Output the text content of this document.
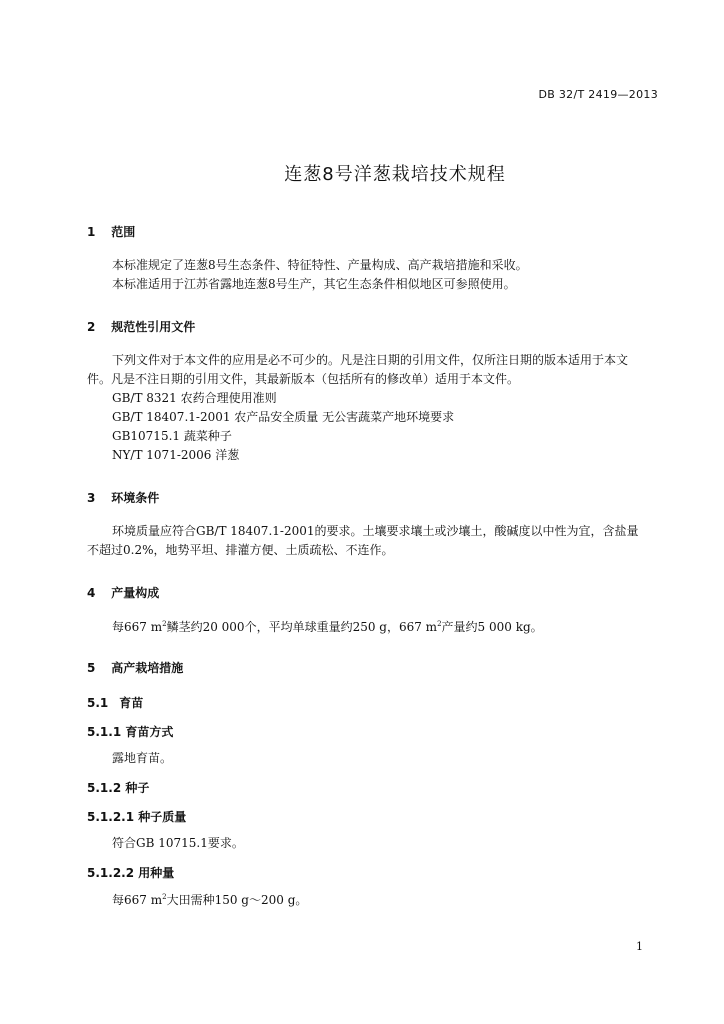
DB 32/T 2419—2013
连葱8号洋葱栽培技术规程
1 范围
本标准规定了连葱8号生态条件、特征特性、产量构成、高产栽培措施和采收。
本标准适用于江苏省露地连葱8号生产，其它生态条件相似地区可参照使用。
2 规范性引用文件
下列文件对于本文件的应用是必不可少的。凡是注日期的引用文件，仅所注日期的版本适用于本文
件。凡是不注日期的引用文件，其最新版本（包括所有的修改单）适用于本文件。
GB/T 8321 农药合理使用准则
GB/T 18407.1-2001 农产品安全质量 无公害蔬菜产地环境要求
GB10715.1 蔬菜种子
NY/T 1071-2006 洋葱
3 环境条件
环境质量应符合GB/T 18407.1-2001的要求。土壤要求壤土或沙壤土，酸碱度以中性为宜，含盐量
不超过0.2%，地势平坦、排灌方便、土质疏松、不连作。
4 产量构成
每667 $m^2$鳞茎约20 000个，平均单球重量约250 g，667 $m^2$产量约5 000 kg。
5 高产栽培措施
5.1 育苗
5.1.1 育苗方式
露地育苗。
5.1.2 种子
5.1.2.1 种子质量
符合GB 10715.1要求。
5.1.2.2 用种量
每667 $m^2$大田需种150 g～200 g。
1
